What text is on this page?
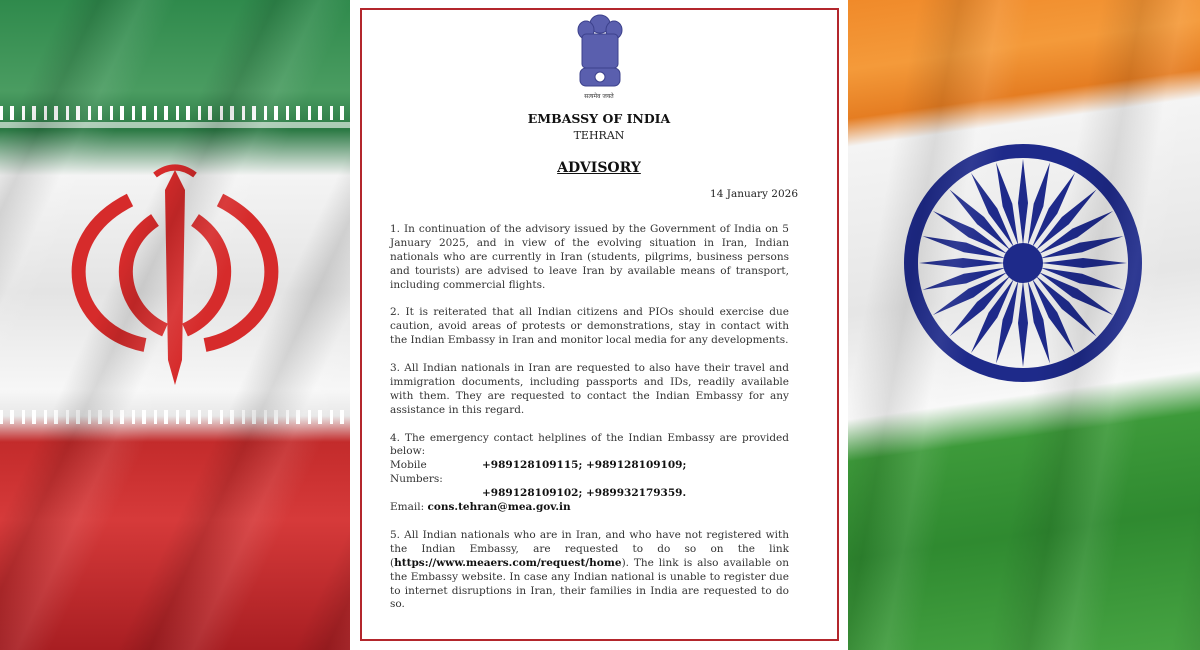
सत्यमेव जयते
EMBASSY OF INDIA
TEHRAN
ADVISORY
14 January 2026

1. In continuation of the advisory issued by the Government of India on 5 January 2025, and in view of the evolving situation in Iran, Indian nationals who are currently in Iran (students, pilgrims, business persons and tourists) are advised to leave Iran by available means of transport, including commercial flights.

2. It is reiterated that all Indian citizens and PIOs should exercise due caution, avoid areas of protests or demonstrations, stay in contact with the Indian Embassy in Iran and monitor local media for any developments.

3. All Indian nationals in Iran are requested to also have their travel and immigration documents, including passports and IDs, readily available with them. They are requested to contact the Indian Embassy for any assistance in this regard.

4. The emergency contact helplines of the Indian Embassy are provided below:
Mobile Numbers:
+989128109115; +989128109109;
+989128109102; +989932179359.
Email: cons.tehran@mea.gov.in

5. All Indian nationals who are in Iran, and who have not registered with the Indian Embassy, are requested to do so on the link (https://www.meaers.com/request/home). The link is also available on the Embassy website. In case any Indian national is unable to register due to internet disruptions in Iran, their families in India are requested to do so.
